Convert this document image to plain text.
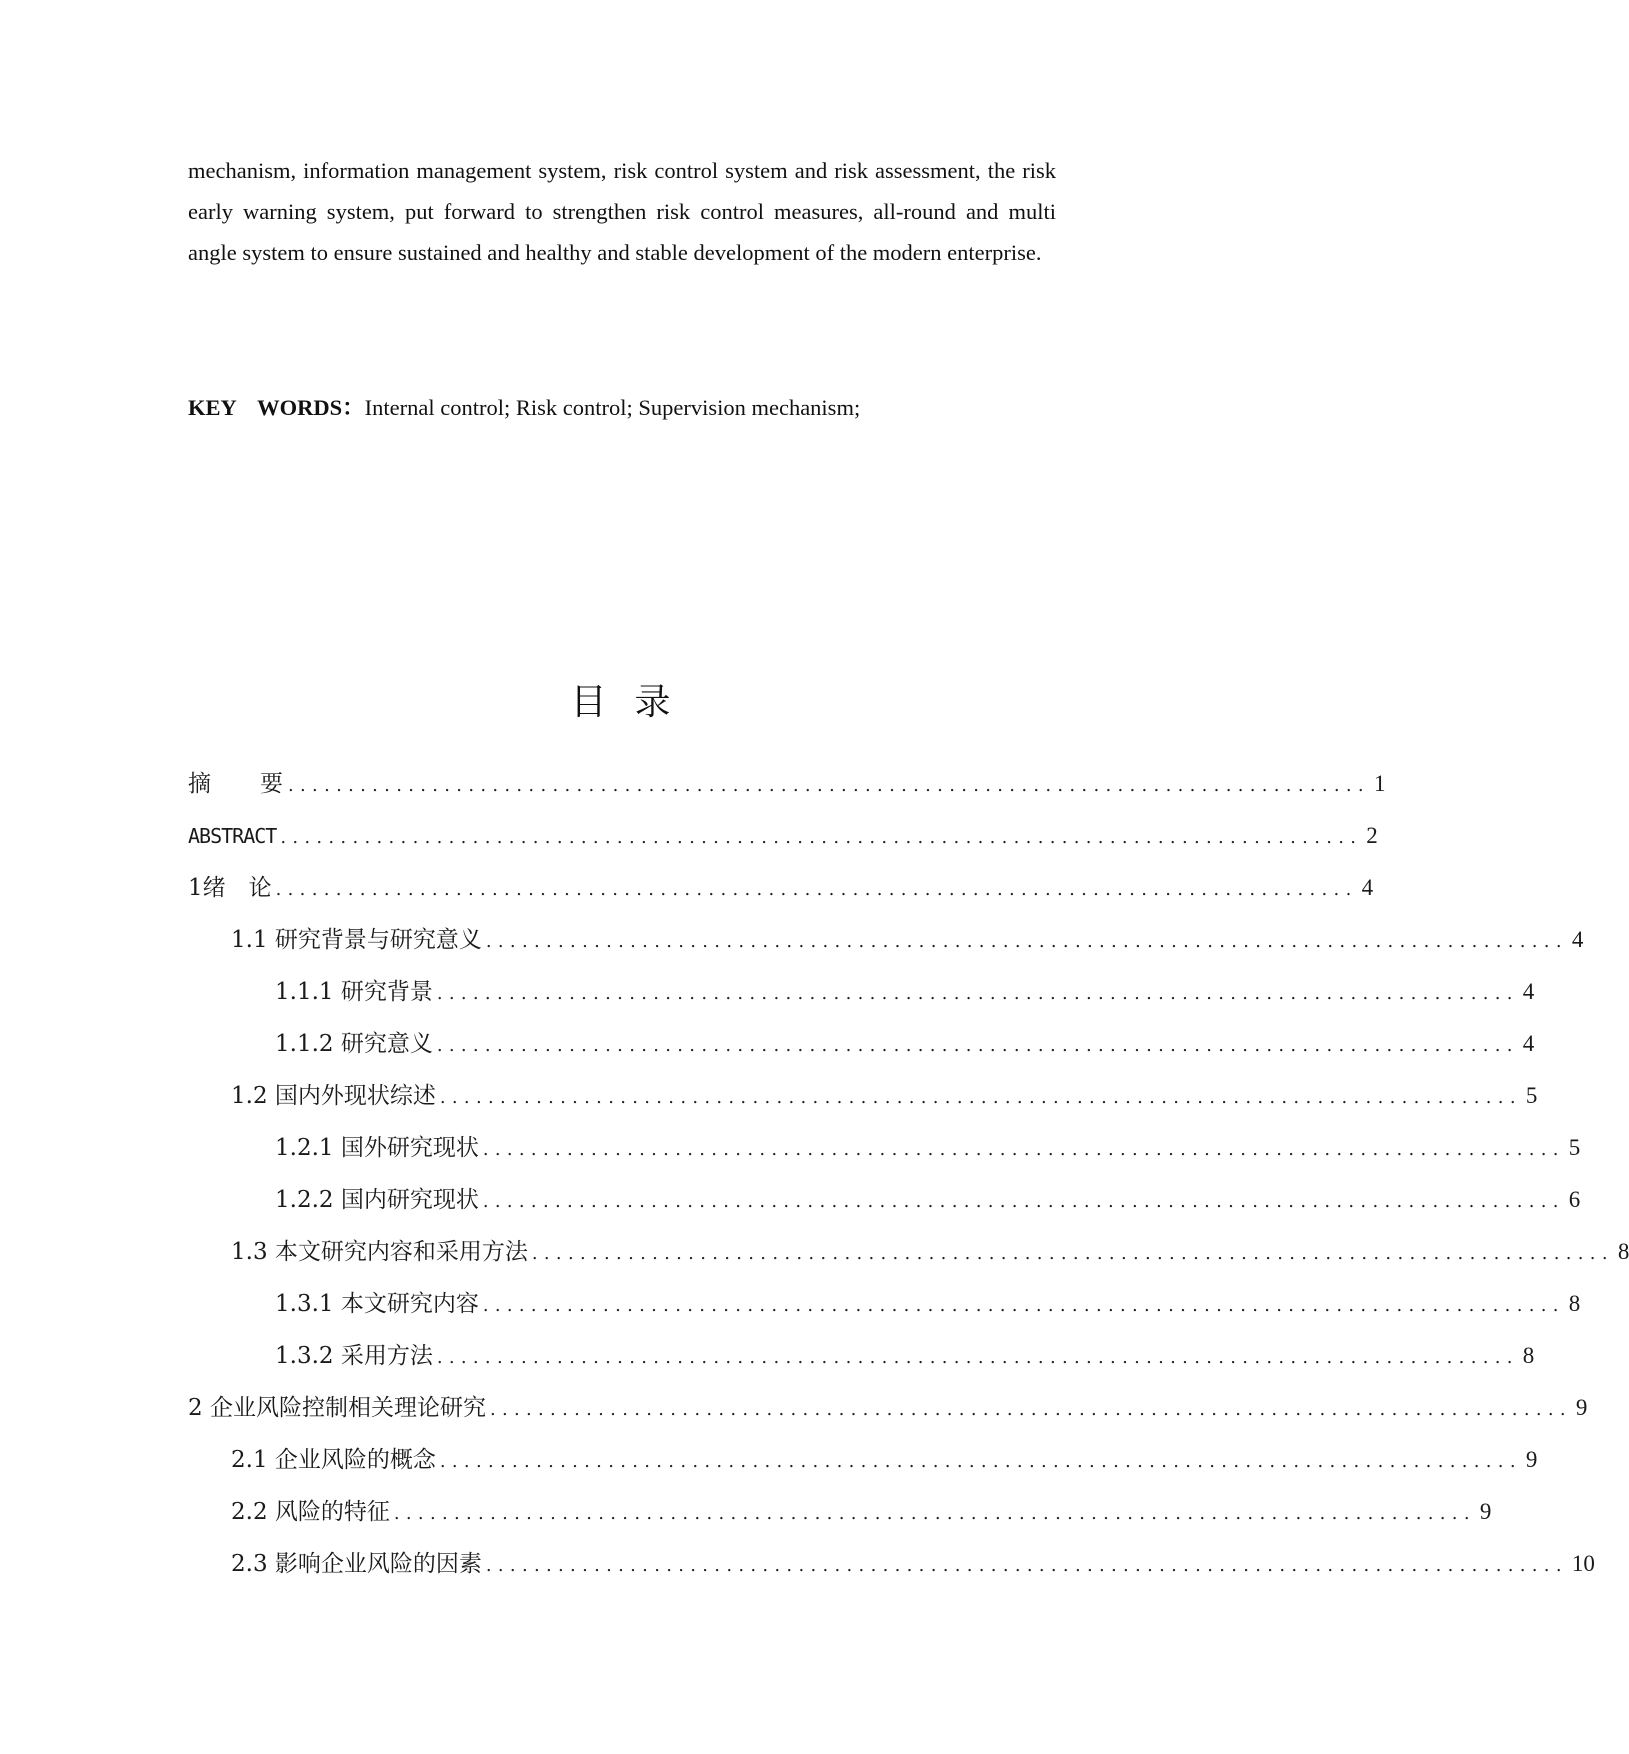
mechanism, information management system, risk control system and risk assessment, the risk early warning system, put forward to strengthen risk control measures, all-round and multi angle system to ensure sustained and healthy and stable development of the modern enterprise.
KEY WORDS：Internal control; Risk control; Supervision mechanism;
目录
摘　　要 .......................................................................................... 1
ABSTRACT .......................................................................................... 2
1绪　论 .......................................................................................... 4
1.1 研究背景与研究意义 .......................................................................................... 4
1.1.1 研究背景 .......................................................................................... 4
1.1.2 研究意义 .......................................................................................... 4
1.2 国内外现状综述 .......................................................................................... 5
1.2.1 国外研究现状 .......................................................................................... 5
1.2.2 国内研究现状 .......................................................................................... 6
1.3 本文研究内容和采用方法 .......................................................................................... 8
1.3.1 本文研究内容 .......................................................................................... 8
1.3.2 采用方法 .......................................................................................... 8
2 企业风险控制相关理论研究 .......................................................................................... 9
2.1 企业风险的概念 .......................................................................................... 9
2.2 风险的特征 .......................................................................................... 9
2.3 影响企业风险的因素 .......................................................................................... 10
